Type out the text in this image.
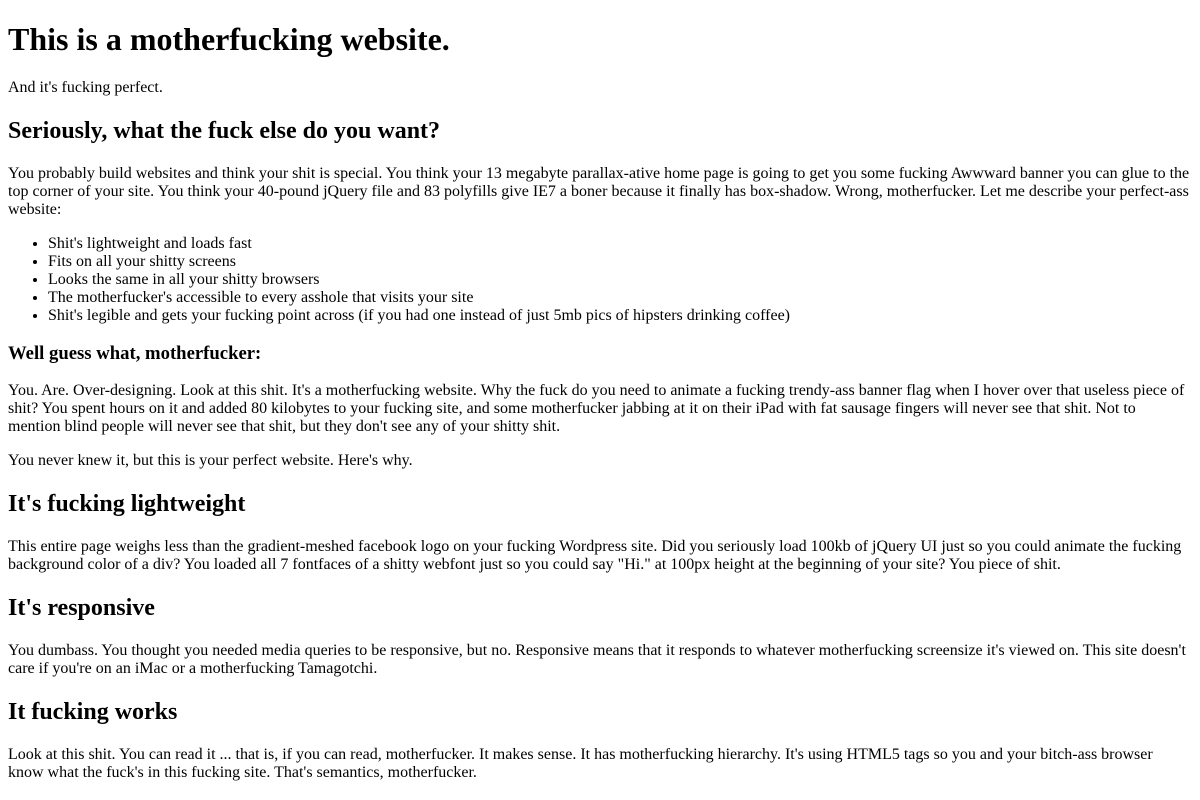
This is a motherfucking website.

And it's fucking perfect.

Seriously, what the fuck else do you want?

You probably build websites and think your shit is special. You think your 13 megabyte parallax-ative home page is going to get you some fucking Awwward banner you can glue to the top corner of your site. You think your 40-pound jQuery file and 83 polyfills give IE7 a boner because it finally has box-shadow. Wrong, motherfucker. Let me describe your perfect-ass website:

• Shit's lightweight and loads fast
• Fits on all your shitty screens
• Looks the same in all your shitty browsers
• The motherfucker's accessible to every asshole that visits your site
• Shit's legible and gets your fucking point across (if you had one instead of just 5mb pics of hipsters drinking coffee)
Well guess what, motherfucker:

You. Are. Over-designing. Look at this shit. It's a motherfucking website. Why the fuck do you need to animate a fucking trendy-ass banner flag when I hover over that useless piece of shit? You spent hours on it and added 80 kilobytes to your fucking site, and some motherfucker jabbing at it on their iPad with fat sausage fingers will never see that shit. Not to mention blind people will never see that shit, but they don't see any of your shitty shit.

You never knew it, but this is your perfect website. Here's why.

It's fucking lightweight

This entire page weighs less than the gradient-meshed facebook logo on your fucking Wordpress site. Did you seriously load 100kb of jQuery UI just so you could animate the fucking background color of a div? You loaded all 7 fontfaces of a shitty webfont just so you could say "Hi." at 100px height at the beginning of your site? You piece of shit.

It's responsive

You dumbass. You thought you needed media queries to be responsive, but no. Responsive means that it responds to whatever motherfucking screensize it's viewed on. This site doesn't care if you're on an iMac or a motherfucking Tamagotchi.

It fucking works

Look at this shit. You can read it ... that is, if you can read, motherfucker. It makes sense. It has motherfucking hierarchy. It's using HTML5 tags so you and your bitch-ass browser know what the fuck's in this fucking site. That's semantics, motherfucker.
